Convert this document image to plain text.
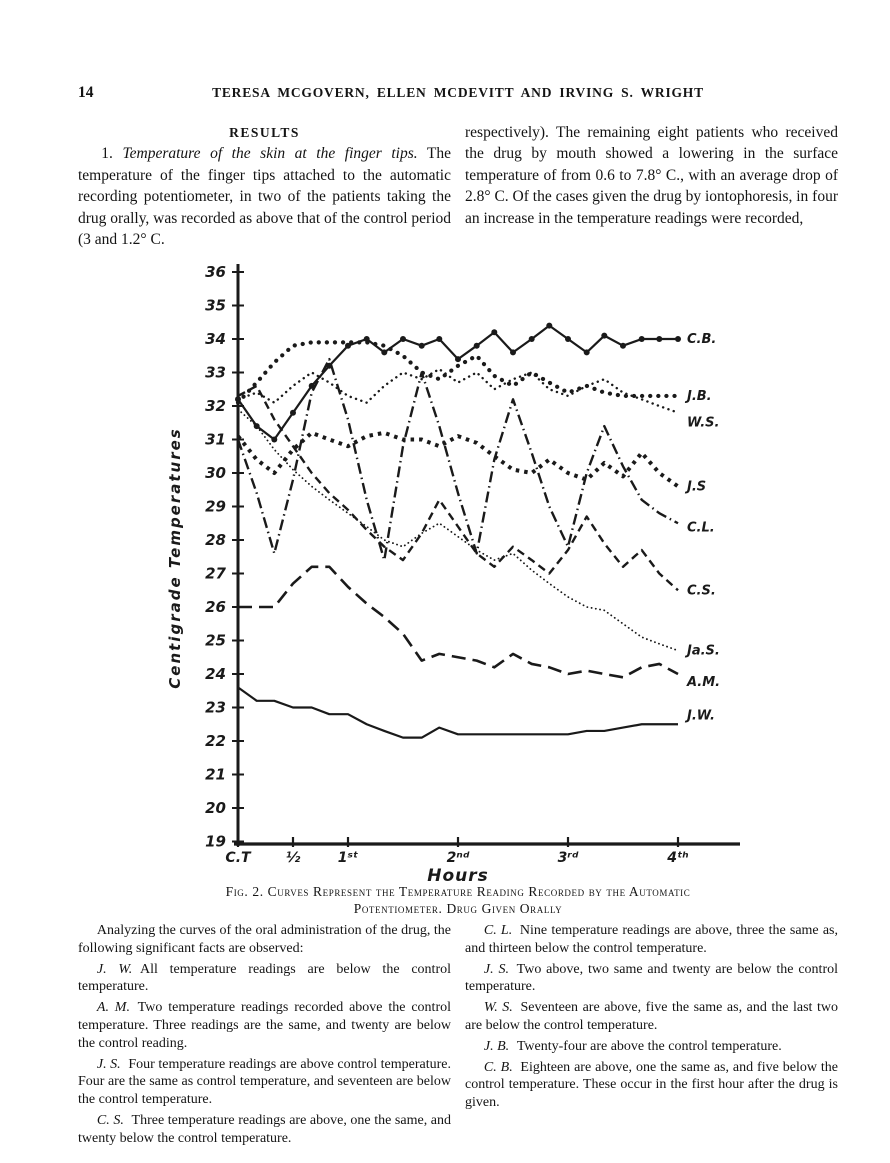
14	TERESA MCGOVERN, ELLEN MCDEVITT AND IRVING S. WRIGHT

RESULTS

1. Temperature of the skin at the finger tips. The temperature of the finger tips attached to the automatic recording potentiometer, in two of the patients taking the drug orally, was recorded as above that of the control period (3 and 1.2° C.

respectively). The remaining eight patients who received the drug by mouth showed a lowering in the surface temperature of from 0.6 to 7.8° C., with an average drop of 2.8° C. Of the cases given the drug by iontophoresis, in four an increase in the temperature readings were recorded,

36
35
34
33
32
31
30
29
28
27
26
25
24
23
22
21
20
19
C.T	½	1ˢᵗ	2ⁿᵈ	3ʳᵈ	4ᵗʰ
Hours
Centigrade Temperatures
C.B.
J.B.
W.S.
J.S
C.L.
C.S.
Ja.S.
A.M.
J.W.
Fig. 2. Curves Represent the Temperature Reading Recorded by the Automatic
Potentiometer. Drug Given Orally

Analyzing the curves of the oral administration of the drug, the following significant facts are observed:

J. W. All temperature readings are below the control temperature.

A. M. Two temperature readings recorded above the control temperature. Three readings are the same, and twenty are below the control reading.

J. S. Four temperature readings are above control temperature. Four are the same as control temperature, and seventeen are below the control temperature.

C. S. Three temperature readings are above, one the same, and twenty below the control temperature.

C. L. Nine temperature readings are above, three the same as, and thirteen below the control temperature.

J. S. Two above, two same and twenty are below the control temperature.

W. S. Seventeen are above, five the same as, and the last two are below the control temperature.

J. B. Twenty-four are above the control temperature.

C. B. Eighteen are above, one the same as, and five below the control temperature. These occur in the first hour after the drug is given.
